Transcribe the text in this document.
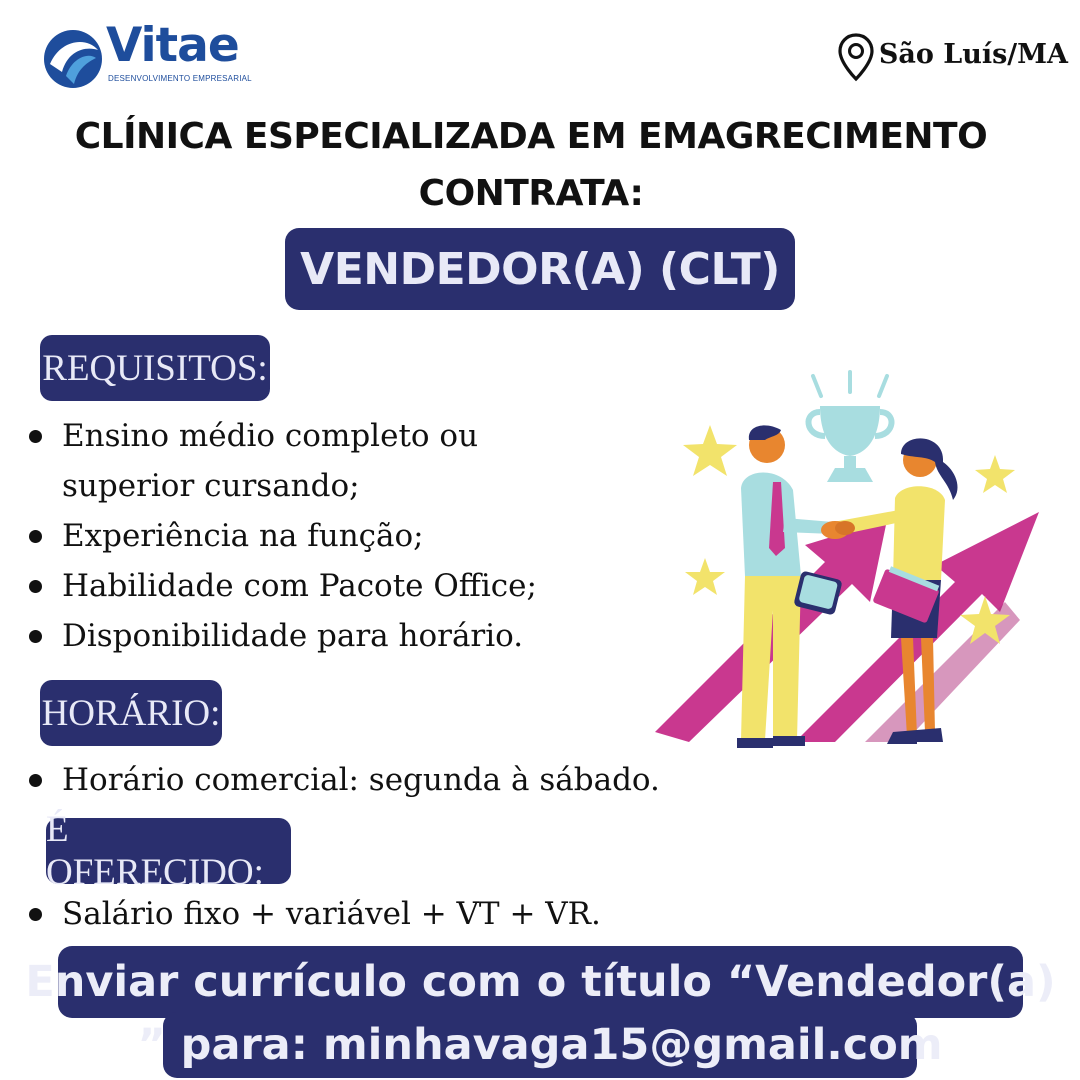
Vitae
DESENVOLVIMENTO EMPRESARIAL
São Luís/MA
CLÍNICA ESPECIALIZADA EM EMAGRECIMENTO
CONTRATA:
VENDEDOR(A) (CLT)
REQUISITOS:
Ensino médio completo ou superior cursando;
Experiência na função;
Habilidade com Pacote Office;
Disponibilidade para horário.
HORÁRIO:
Horário comercial: segunda à sábado.
É OFERECIDO:
Salário fixo + variável + VT + VR.
Enviar currículo com o título “Vendedor(a)
” para: minhavaga15@gmail.com
